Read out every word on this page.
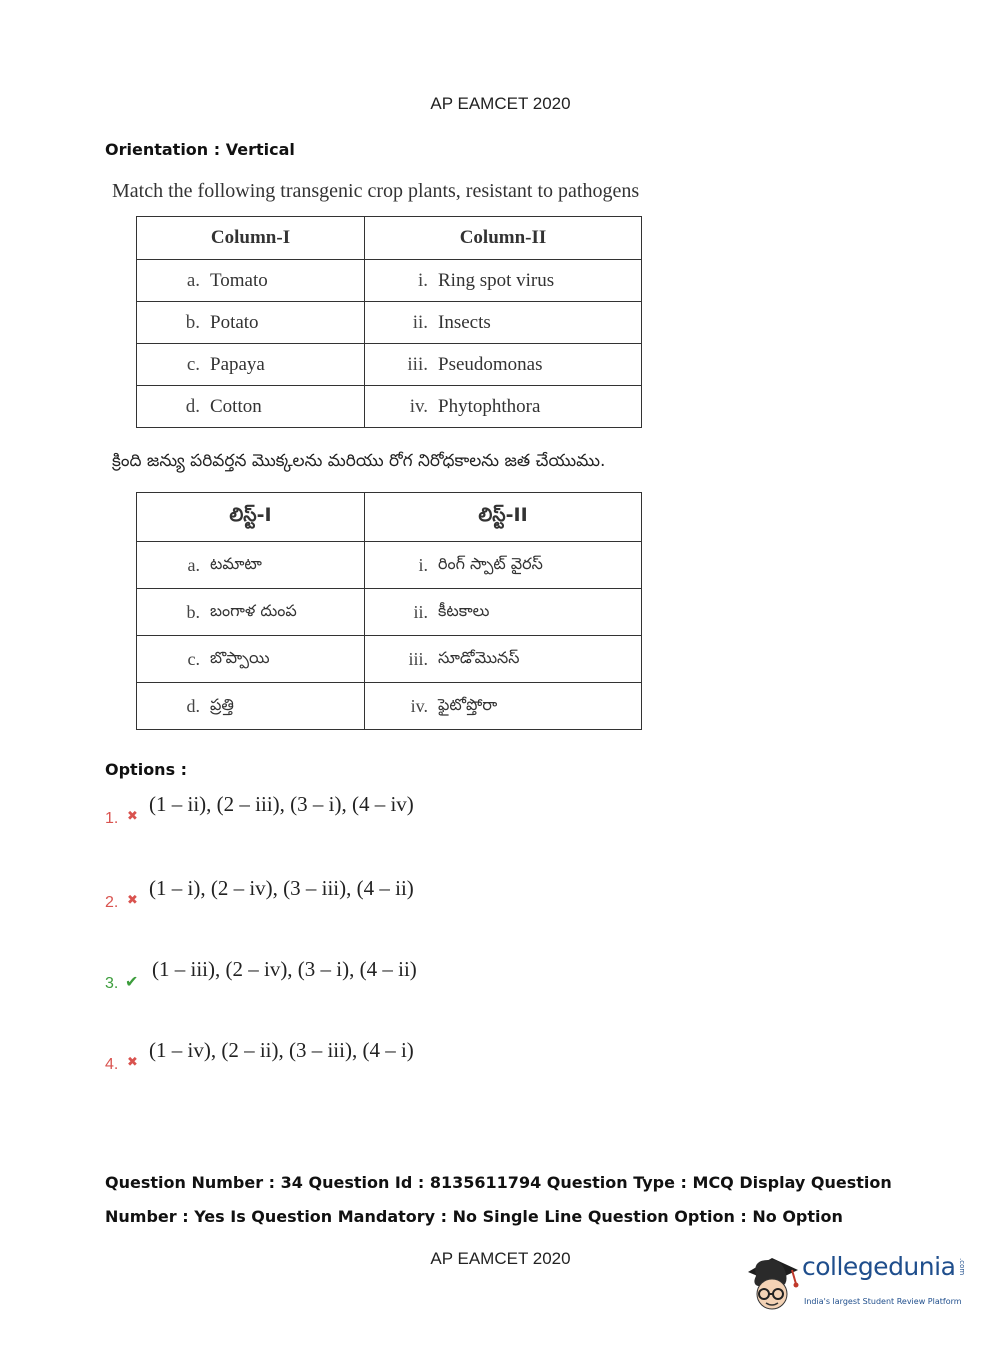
AP EAMCET 2020
Orientation : Vertical
Match the following transgenic crop plants, resistant to pathogens
Column-I	Column-II

a. Tomato	i. Ring spot virus

b. Potato	ii. Insects

c. Papaya	iii. Pseudomonas

d. Cotton	iv. Phytophthora
క్రింది జన్యు పరివర్తన మొక్కలను మరియు రోగ నిరోధకాలను జత చేయుము.
లిస్ట్-I	లిస్ట్-II

a. టమాటా	i. రింగ్ స్పాట్ వైరస్

b. బంగాళ దుంప	ii. కీటకాలు

c. బొప్పాయి	iii. సూడోమొనస్

d. ప్రత్తి	iv. ఫైటోప్తోరా
Options :
1. ✖ (1 – ii), (2 – iii), (3 – i), (4 – iv)
2. ✖ (1 – i), (2 – iv), (3 – iii), (4 – ii)
3. ✔
(1 – iii), (2 – iv), (3 – i), (4 – ii)
4. ✖ (1 – iv), (2 – ii), (3 – iii), (4 – i)
Question Number : 34 Question Id : 8135611794 Question Type : MCQ Display Question
Number : Yes Is Question Mandatory : No Single Line Question Option : No Option
AP EAMCET 2020	collegedunia .com
India's largest Student Review Platform
